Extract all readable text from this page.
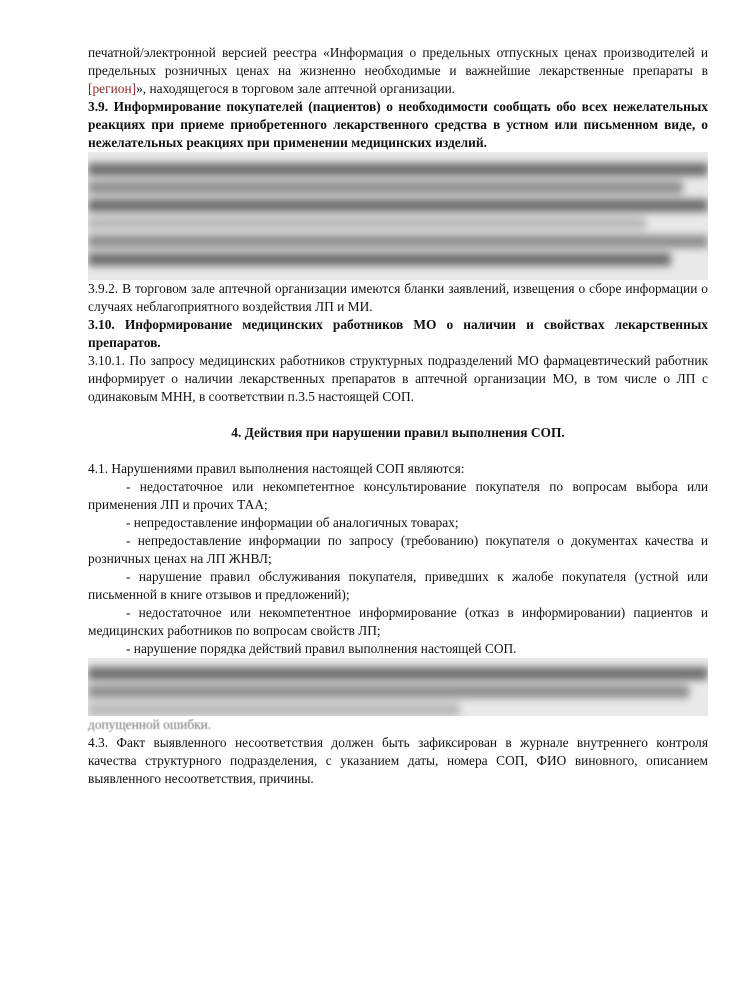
печатной/электронной версией реестра «Информация о предельных отпускных ценах производителей и предельных розничных ценах на жизненно необходимые и важнейшие лекарственные препараты в [регион]», находящегося в торговом зале аптечной организации.

3.9. Информирование покупателей (пациентов) о необходимости сообщать обо всех нежелательных реакциях при приеме приобретенного лекарственного средства в устном или письменном виде, о нежелательных реакциях при применении медицинских изделий.

3.9.2. В торговом зале аптечной организации имеются бланки заявлений, извещения о сборе информации о случаях неблагоприятного воздействия ЛП и МИ.

3.10. Информирование медицинских работников МО о наличии и свойствах лекарственных препаратов.

3.10.1. По запросу медицинских работников структурных подразделений МО фармацевтический работник информирует о наличии лекарственных препаратов в аптечной организации МО, в том числе о ЛП с одинаковым МНН, в соответствии п.3.5 настоящей СОП.

4. Действия при нарушении правил выполнения СОП.

4.1. Нарушениями правил выполнения настоящей СОП являются:

- недостаточное или некомпетентное консультирование покупателя по вопросам выбора или применения ЛП и прочих ТАА;

- непредоставление информации об аналогичных товарах;

- непредоставление информации по запросу (требованию) покупателя о документах качества и розничных ценах на ЛП ЖНВЛ;

- нарушение правил обслуживания покупателя, приведших к жалобе покупателя (устной или письменной в книге отзывов и предложений);

- недостаточное или некомпетентное информирование (отказ в информировании) пациентов и медицинских работников по вопросам свойств ЛП;

- нарушение порядка действий правил выполнения настоящей СОП.

допущенной ошибки.

4.3. Факт выявленного несоответствия должен быть зафиксирован в журнале внутреннего контроля качества структурного подразделения, с указанием даты, номера СОП, ФИО виновного, описанием выявленного несоответствия, причины.
